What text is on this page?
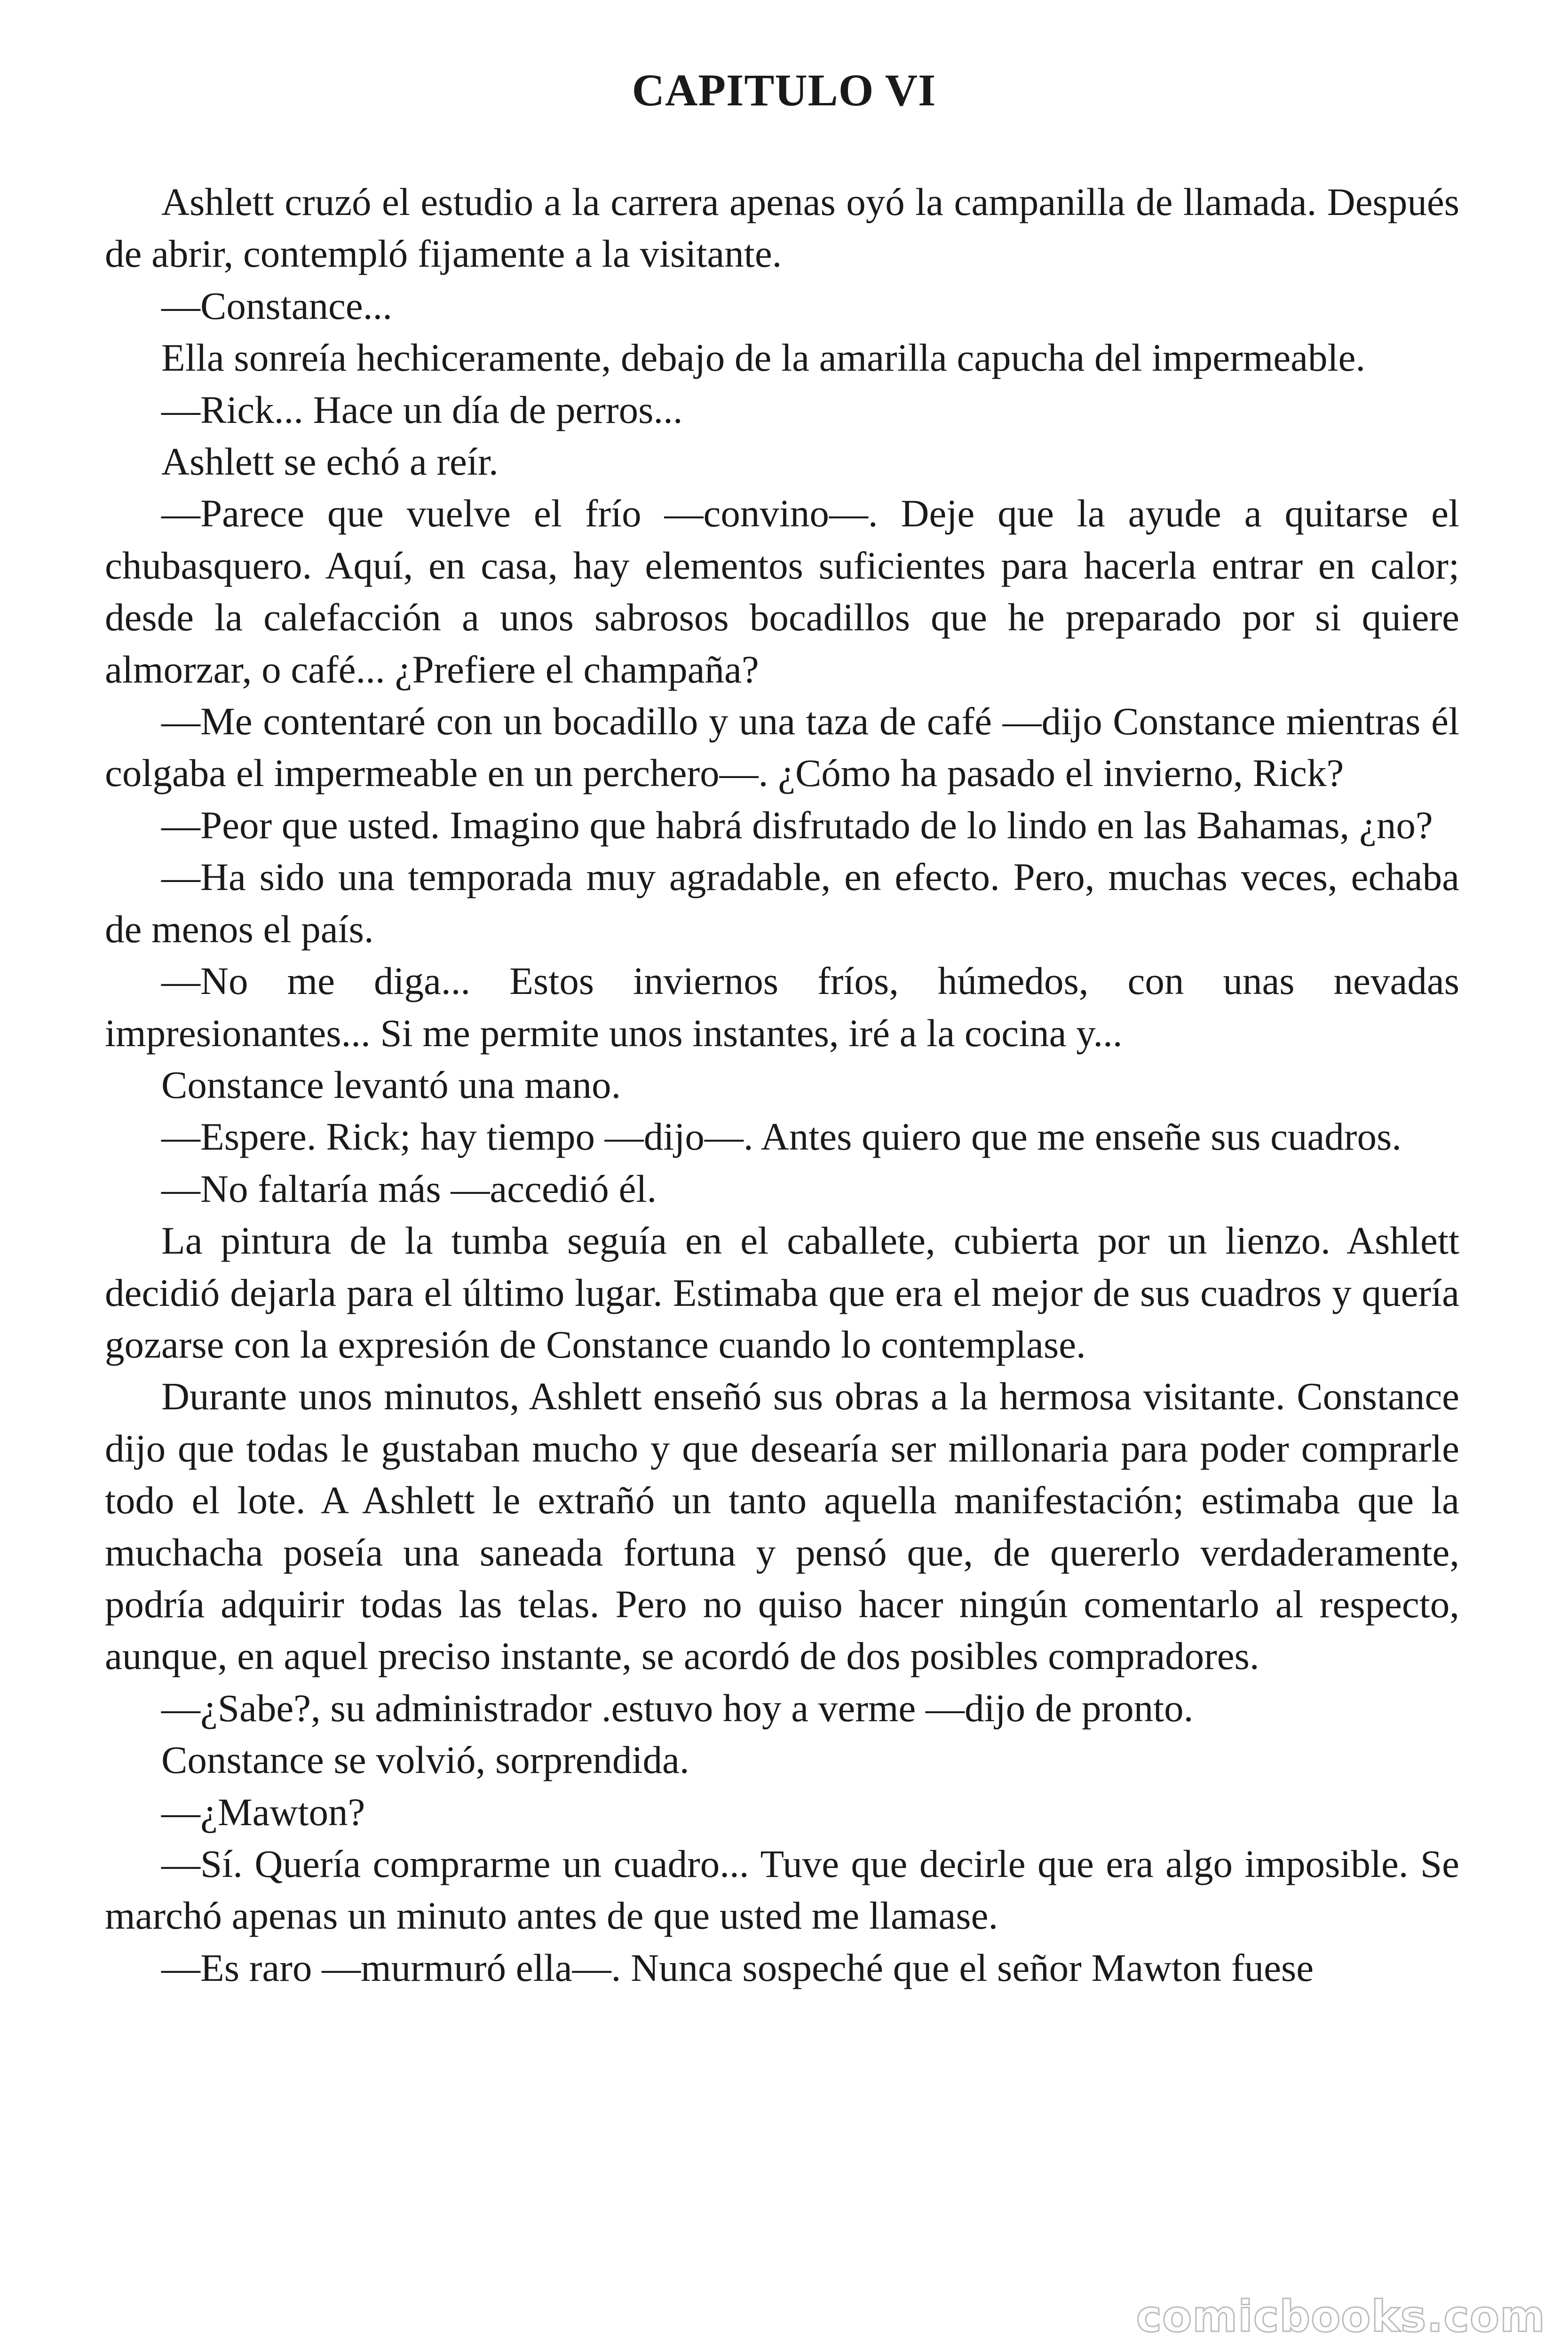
CAPITULO VI

Ashlett cruzó el estudio a la carrera apenas oyó la campanilla de llamada. Después de abrir, contempló fijamente a la visitante.

—Constance...

Ella sonreía hechiceramente, debajo de la amarilla capucha del impermeable.

—Rick... Hace un día de perros...

Ashlett se echó a reír.

—Parece que vuelve el frío —convino—. Deje que la ayude a quitarse el chubasquero. Aquí, en casa, hay elementos suficientes para hacerla entrar en calor; desde la calefacción a unos sabrosos bocadillos que he preparado por si quiere almorzar, o café... ¿Prefiere el champaña?

—Me contentaré con un bocadillo y una taza de café —dijo Constance mientras él colgaba el impermeable en un perchero—. ¿Cómo ha pasado el invierno, Rick?

—Peor que usted. Imagino que habrá disfrutado de lo lindo en las Bahamas, ¿no?

—Ha sido una temporada muy agradable, en efecto. Pero, muchas veces, echaba de menos el país.

—No me diga... Estos inviernos fríos, húmedos, con unas nevadas impresionantes... Si me permite unos instantes, iré a la cocina y...

Constance levantó una mano.

—Espere. Rick; hay tiempo —dijo—. Antes quiero que me enseñe sus cuadros.

—No faltaría más —accedió él.

La pintura de la tumba seguía en el caballete, cubierta por un lienzo. Ashlett decidió dejarla para el último lugar. Estimaba que era el mejor de sus cuadros y quería gozarse con la expresión de Constance cuando lo contemplase.

Durante unos minutos, Ashlett enseñó sus obras a la hermosa visitante. Constance dijo que todas le gustaban mucho y que desearía ser millonaria para poder comprarle todo el lote. A Ashlett le extrañó un tanto aquella manifestación; estimaba que la muchacha poseía una saneada fortuna y pensó que, de quererlo verdaderamente, podría adquirir todas las telas. Pero no quiso hacer ningún comentarlo al respecto, aunque, en aquel preciso instante, se acordó de dos posibles compradores.

—¿Sabe?, su administrador .estuvo hoy a verme —dijo de pronto.

Constance se volvió, sorprendida.

—¿Mawton?

—Sí. Quería comprarme un cuadro... Tuve que decirle que era algo imposible. Se marchó apenas un minuto antes de que usted me llamase.

—Es raro —murmuró ella—. Nunca sospeché que el señor Mawton fuese

comicbooks.com
